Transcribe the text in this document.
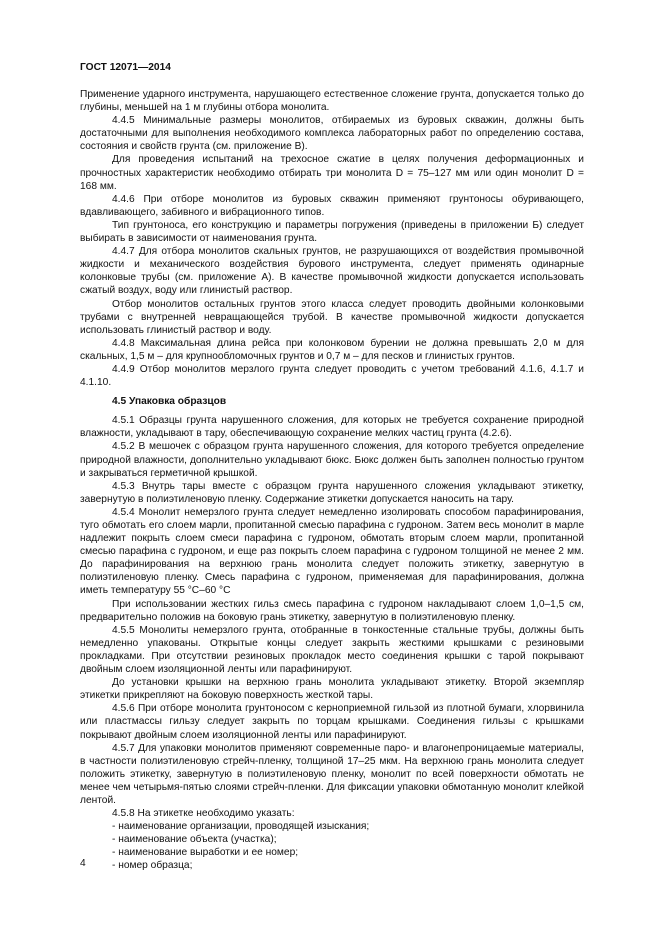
ГОСТ 12071—2014

Применение ударного инструмента, нарушающего естественное сложение грунта, допускается только до глубины, меньшей на 1 м глубины отбора монолита.

4.4.5 Минимальные размеры монолитов, отбираемых из буровых скважин, должны быть достаточными для выполнения необходимого комплекса лабораторных работ по определению состава, состояния и свойств грунта (см. приложение В).

Для проведения испытаний на трехосное сжатие в целях получения деформационных и прочностных характеристик необходимо отбирать три монолита D = 75–127 мм или один монолит D = 168 мм.

4.4.6 При отборе монолитов из буровых скважин применяют грунтоносы обуривающего, вдавливающего, забивного и вибрационного типов.

Тип грунтоноса, его конструкцию и параметры погружения (приведены в приложении Б) следует выбирать в зависимости от наименования грунта.

4.4.7 Для отбора монолитов скальных грунтов, не разрушающихся от воздействия промывочной жидкости и механического воздействия бурового инструмента, следует применять одинарные колонковые трубы (см. приложение А). В качестве промывочной жидкости допускается использовать сжатый воздух, воду или глинистый раствор.

Отбор монолитов остальных грунтов этого класса следует проводить двойными колонковыми трубами с внутренней невращающейся трубой. В качестве промывочной жидкости допускается использовать глинистый раствор и воду.

4.4.8 Максимальная длина рейса при колонковом бурении не должна превышать 2,0 м для скальных, 1,5 м – для крупнообломочных грунтов и 0,7 м – для песков и глинистых грунтов.

4.4.9 Отбор монолитов мерзлого грунта следует проводить с учетом требований 4.1.6, 4.1.7 и 4.1.10.

4.5 Упаковка образцов

4.5.1 Образцы грунта нарушенного сложения, для которых не требуется сохранение природной влажности, укладывают в тару, обеспечивающую сохранение мелких частиц грунта (4.2.6).

4.5.2 В мешочек с образцом грунта нарушенного сложения, для которого требуется определение природной влажности, дополнительно укладывают бюкс. Бюкс должен быть заполнен полностью грунтом и закрываться герметичной крышкой.

4.5.3 Внутрь тары вместе с образцом грунта нарушенного сложения укладывают этикетку, завернутую в полиэтиленовую пленку. Содержание этикетки допускается наносить на тару.

4.5.4 Монолит немерзлого грунта следует немедленно изолировать способом парафинирования, туго обмотать его слоем марли, пропитанной смесью парафина с гудроном. Затем весь монолит в марле надлежит покрыть слоем смеси парафина с гудроном, обмотать вторым слоем марли, пропитанной смесью парафина с гудроном, и еще раз покрыть слоем парафина с гудроном толщиной не менее 2 мм. До парафинирования на верхнюю грань монолита следует положить этикетку, завернутую в полиэтиленовую пленку. Смесь парафина с гудроном, применяемая для парафинирования, должна иметь температуру 55 °С–60 °С

При использовании жестких гильз смесь парафина с гудроном накладывают слоем 1,0–1,5 см, предварительно положив на боковую грань этикетку, завернутую в полиэтиленовую пленку.

4.5.5 Монолиты немерзлого грунта, отобранные в тонкостенные стальные трубы, должны быть немедленно упакованы. Открытые концы следует закрыть жесткими крышками с резиновыми прокладками. При отсутствии резиновых прокладок место соединения крышки с тарой покрывают двойным слоем изоляционной ленты или парафинируют.

До установки крышки на верхнюю грань монолита укладывают этикетку. Второй экземпляр этикетки прикрепляют на боковую поверхность жесткой тары.

4.5.6 При отборе монолита грунтоносом с кернoприемной гильзой из плотной бумаги, хлорвинила или пластмассы гильзу следует закрыть по торцам крышками. Соединения гильзы с крышками покрывают двойным слоем изоляционной ленты или парафинируют.

4.5.7 Для упаковки монолитов применяют современные паро- и влагонепроницаемые материалы, в частности полиэтиленовую стрейч-пленку, толщиной 17–25 мкм. На верхнюю грань монолита следует положить этикетку, завернутую в полиэтиленовую пленку, монолит по всей поверхности обмотать не менее чем четырьмя-пятью слоями стрейч-пленки. Для фиксации упаковки обмотанную монолит клейкой лентой.

4.5.8 На этикетке необходимо указать:

- наименование организации, проводящей изыскания;

- наименование объекта (участка);

- наименование выработки и ее номер;

- номер образца;

4
